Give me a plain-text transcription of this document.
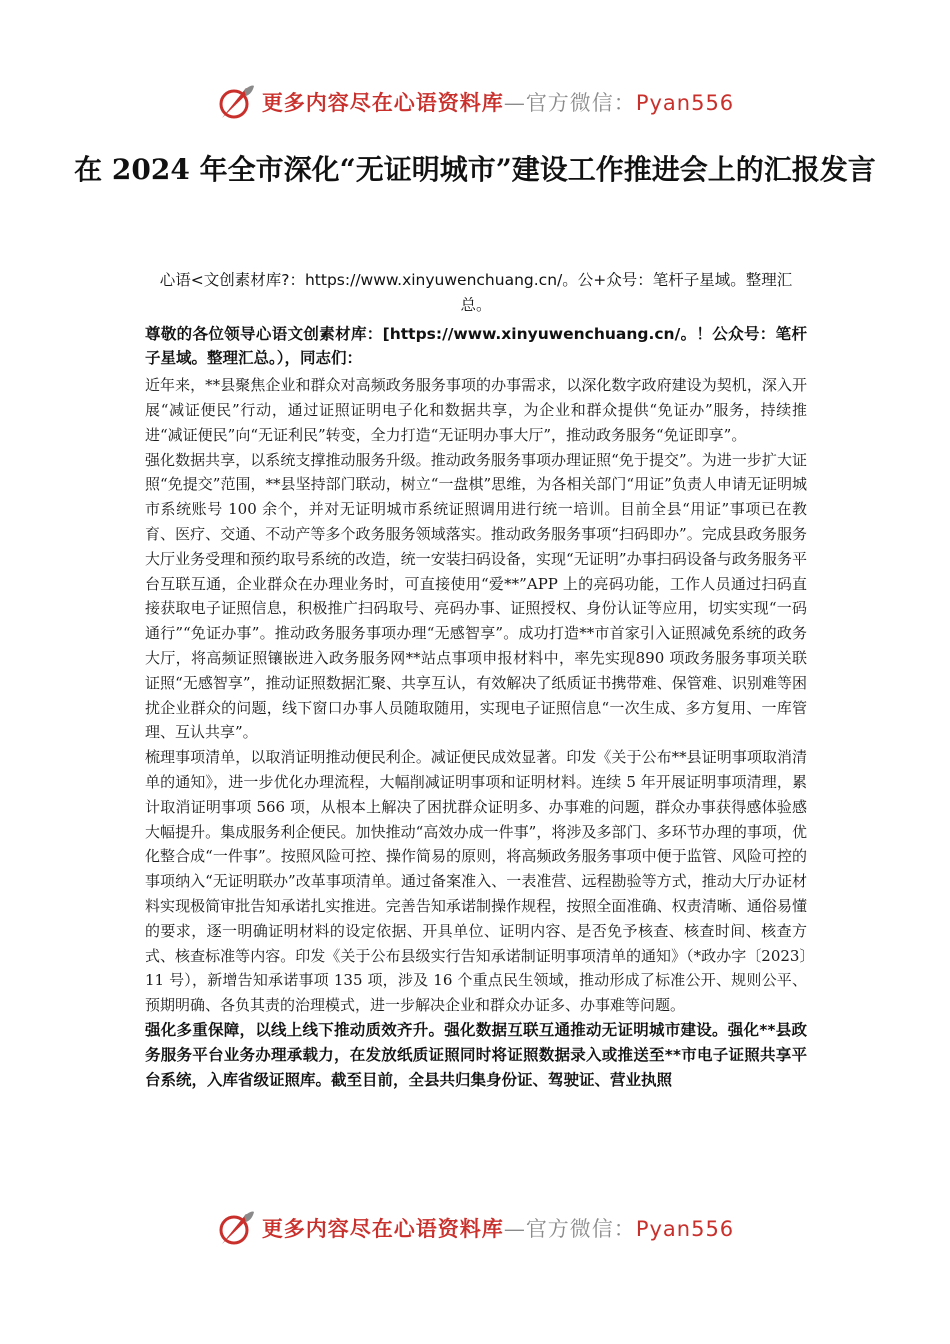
更多内容尽在心语资料库—官方微信：Pyan556
在 2024 年全市深化“无证明城市”建设工作推进会上的汇报发言

心语<文创素材库?：https://www.xinyuwenchuang.cn/。公+众号：笔杆子星域。整理汇总。

尊敬的各位领导心语文创素材库：[https://www.xinyuwenchuang.cn/。！公众号：笔杆子星域。整理汇总。），同志们：

近年来，**县聚焦企业和群众对高频政务服务事项的办事需求，以深化数字政府建设为契机，深入开展“减证便民”行动，通过证照证明电子化和数据共享，为企业和群众提供“免证办”服务，持续推进“减证便民”向“无证利民”转变，全力打造“无证明办事大厅”，推动政务服务“免证即享”。

强化数据共享，以系统支撑推动服务升级。推动政务服务事项办理证照“免于提交”。为进一步扩大证照“免提交”范围，**县坚持部门联动，树立“一盘棋”思维，为各相关部门“用证”负责人申请无证明城市系统账号 100 余个，并对无证明城市系统证照调用进行统一培训。目前全县“用证”事项已在教育、医疗、交通、不动产等多个政务服务领域落实。推动政务服务事项“扫码即办”。完成县政务服务大厅业务受理和预约取号系统的改造，统一安装扫码设备，实现“无证明”办事扫码设备与政务服务平台互联互通，企业群众在办理业务时，可直接使用“爱**”APP 上的亮码功能，工作人员通过扫码直接获取电子证照信息，积极推广扫码取号、亮码办事、证照授权、身份认证等应用，切实实现“一码通行”“免证办事”。推动政务服务事项办理“无感智享”。成功打造**市首家引入证照减免系统的政务大厅，将高频证照镶嵌进入政务服务网**站点事项申报材料中，率先实现890 项政务服务事项关联证照“无感智享”，推动证照数据汇聚、共享互认，有效解决了纸质证书携带难、保管难、识别难等困扰企业群众的问题，线下窗口办事人员随取随用，实现电子证照信息“一次生成、多方复用、一库管理、互认共享”。

梳理事项清单，以取消证明推动便民利企。减证便民成效显著。印发《关于公布**县证明事项取消清单的通知》，进一步优化办理流程，大幅削减证明事项和证明材料。连续 5 年开展证明事项清理，累计取消证明事项 566 项，从根本上解决了困扰群众证明多、办事难的问题，群众办事获得感体验感大幅提升。集成服务利企便民。加快推动“高效办成一件事”，将涉及多部门、多环节办理的事项，优化整合成“一件事”。按照风险可控、操作简易的原则，将高频政务服务事项中便于监管、风险可控的事项纳入“无证明联办”改革事项清单。通过备案准入、一表准营、远程勘验等方式，推动大厅办证材料实现极简审批告知承诺扎实推进。完善告知承诺制操作规程，按照全面准确、权责清晰、通俗易懂的要求，逐一明确证明材料的设定依据、开具单位、证明内容、是否免予核查、核查时间、核查方式、核查标准等内容。印发《关于公布县级实行告知承诺制证明事项清单的通知》（*政办字〔2023〕11 号），新增告知承诺事项 135 项，涉及 16 个重点民生领域，推动形成了标准公开、规则公平、预期明确、各负其责的治理模式，进一步解决企业和群众办证多、办事难等问题。

强化多重保障，以线上线下推动质效齐升。强化数据互联互通推动无证明城市建设。强化**县政务服务平台业务办理承载力，在发放纸质证照同时将证照数据录入或推送至**市电子证照共享平台系统，入库省级证照库。截至目前，全县共归集身份证、驾驶证、营业执照

更多内容尽在心语资料库—官方微信：Pyan556
